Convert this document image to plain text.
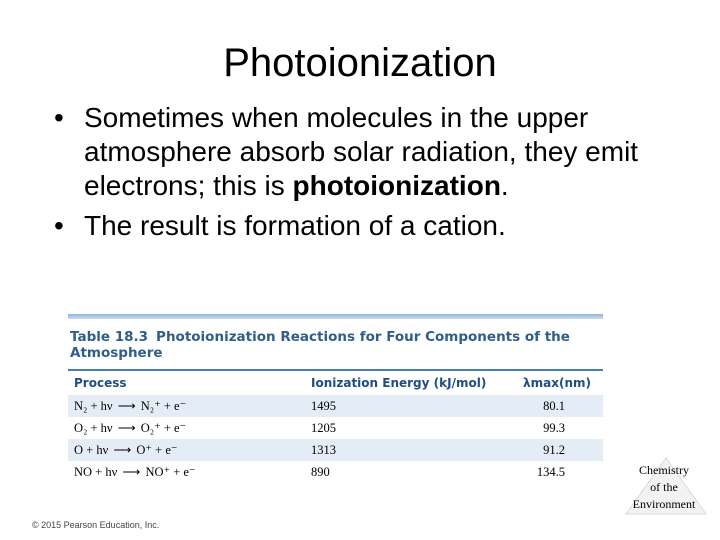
Photoionization
• Sometimes when molecules in the upper atmosphere absorb solar radiation, they emit electrons; this is photoionization.
• The result is formation of a cation.
Table 18.3 Photoionization Reactions for Four Components of the Atmosphere
Process	Ionization Energy (kJ/mol)	λmax(nm)
N₂ + hν ⟶ N₂⁺ + e⁻	1495	80.1
O₂ + hν ⟶ O₂⁺ + e⁻	1205	99.3
O + hν ⟶ O⁺ + e⁻	1313	91.2
NO + hν ⟶ NO⁺ + e⁻	890	134.5
© 2015 Pearson Education, Inc.
Chemistry
of the
Environment
